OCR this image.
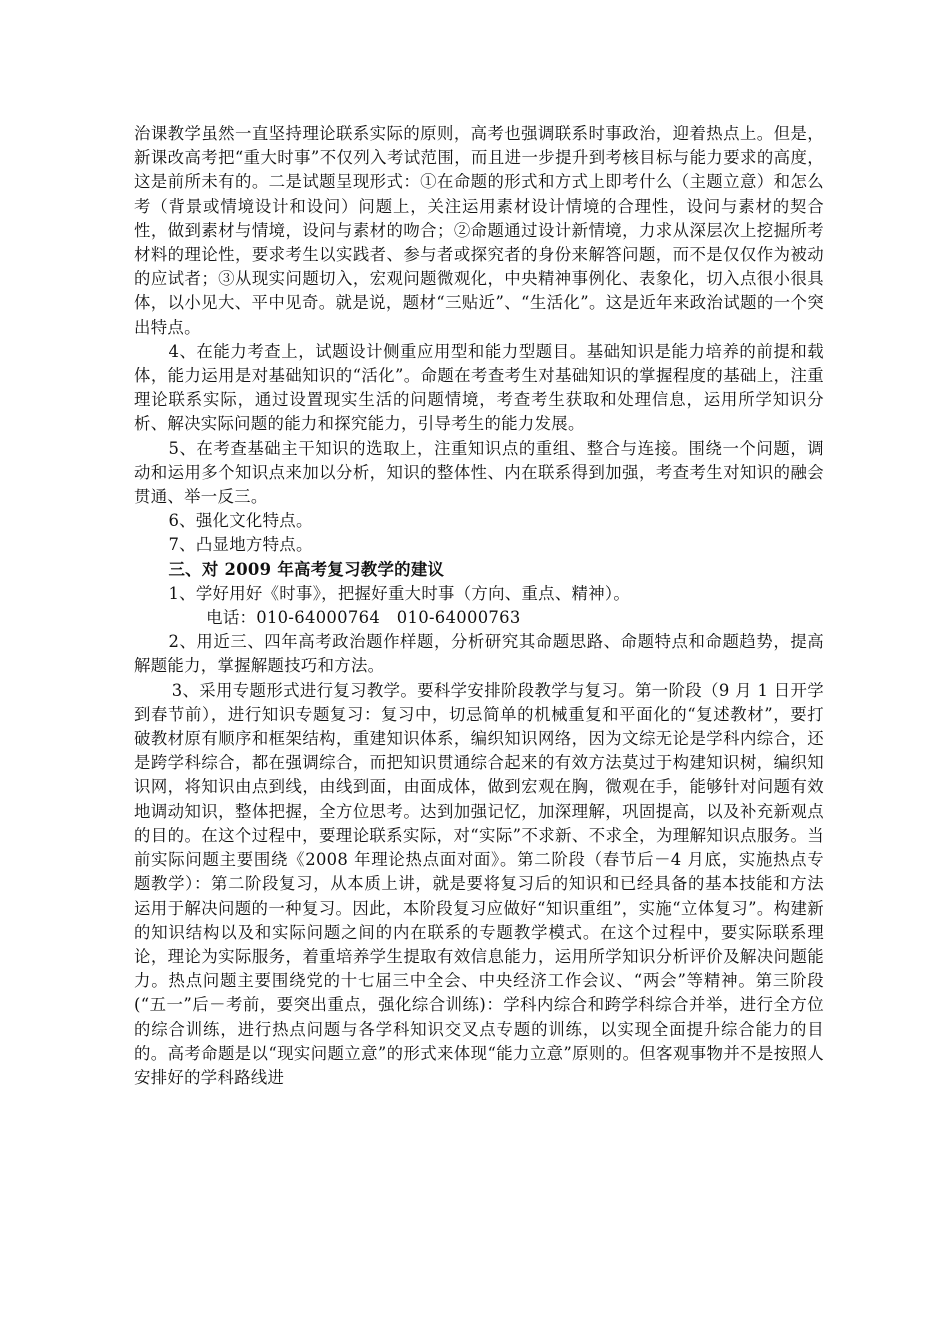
治课教学虽然一直坚持理论联系实际的原则，高考也强调联系时事政治，迎着热点上。但是，新课改高考把“重大时事”不仅列入考试范围，而且进一步提升到考核目标与能力要求的高度，这是前所未有的。二是试题呈现形式：①在命题的形式和方式上即考什么（主题立意）和怎么考（背景或情境设计和设问）问题上，关注运用素材设计情境的合理性，设问与素材的契合性，做到素材与情境，设问与素材的吻合；②命题通过设计新情境，力求从深层次上挖掘所考材料的理论性，要求考生以实践者、参与者或探究者的身份来解答问题，而不是仅仅作为被动的应试者；③从现实问题切入，宏观问题微观化，中央精神事例化、表象化，切入点很小很具体，以小见大、平中见奇。就是说，题材“三贴近”、“生活化”。这是近年来政治试题的一个突出特点。

4、在能力考查上，试题设计侧重应用型和能力型题目。基础知识是能力培养的前提和载体，能力运用是对基础知识的“活化”。命题在考查考生对基础知识的掌握程度的基础上，注重理论联系实际，通过设置现实生活的问题情境，考查考生获取和处理信息，运用所学知识分析、解决实际问题的能力和探究能力，引导考生的能力发展。

5、在考查基础主干知识的选取上，注重知识点的重组、整合与连接。围绕一个问题，调动和运用多个知识点来加以分析，知识的整体性、内在联系得到加强，考查考生对知识的融会贯通、举一反三。

6、强化文化特点。

7、凸显地方特点。

三、对 2009 年高考复习教学的建议

1、学好用好《时事》，把握好重大时事（方向、重点、精神）。

电话：010-64000764　010-64000763

2、用近三、四年高考政治题作样题，分析研究其命题思路、命题特点和命题趋势，提高解题能力，掌握解题技巧和方法。

3、采用专题形式进行复习教学。要科学安排阶段教学与复习。第一阶段（9 月 1 日开学到春节前），进行知识专题复习：复习中，切忌简单的机械重复和平面化的“复述教材”，要打破教材原有顺序和框架结构，重建知识体系，编织知识网络，因为文综无论是学科内综合，还是跨学科综合，都在强调综合，而把知识贯通综合起来的有效方法莫过于构建知识树，编织知识网，将知识由点到线，由线到面，由面成体，做到宏观在胸，微观在手，能够针对问题有效地调动知识，整体把握，全方位思考。达到加强记忆，加深理解，巩固提高，以及补充新观点的目的。在这个过程中，要理论联系实际，对“实际”不求新、不求全，为理解知识点服务。当前实际问题主要围绕《2008 年理论热点面对面》。第二阶段（春节后－4 月底，实施热点专题教学）：第二阶段复习，从本质上讲，就是要将复习后的知识和已经具备的基本技能和方法运用于解决问题的一种复习。因此，本阶段复习应做好“知识重组”，实施“立体复习”。构建新的知识结构以及和实际问题之间的内在联系的专题教学模式。在这个过程中，要实际联系理论，理论为实际服务，着重培养学生提取有效信息能力，运用所学知识分析评价及解决问题能力。热点问题主要围绕党的十七届三中全会、中央经济工作会议、“两会”等精神。第三阶段(“五一”后－考前，要突出重点，强化综合训练)：学科内综合和跨学科综合并举，进行全方位的综合训练，进行热点问题与各学科知识交叉点专题的训练，以实现全面提升综合能力的目的。高考命题是以“现实问题立意”的形式来体现“能力立意”原则的。但客观事物并不是按照人安排好的学科路线进
